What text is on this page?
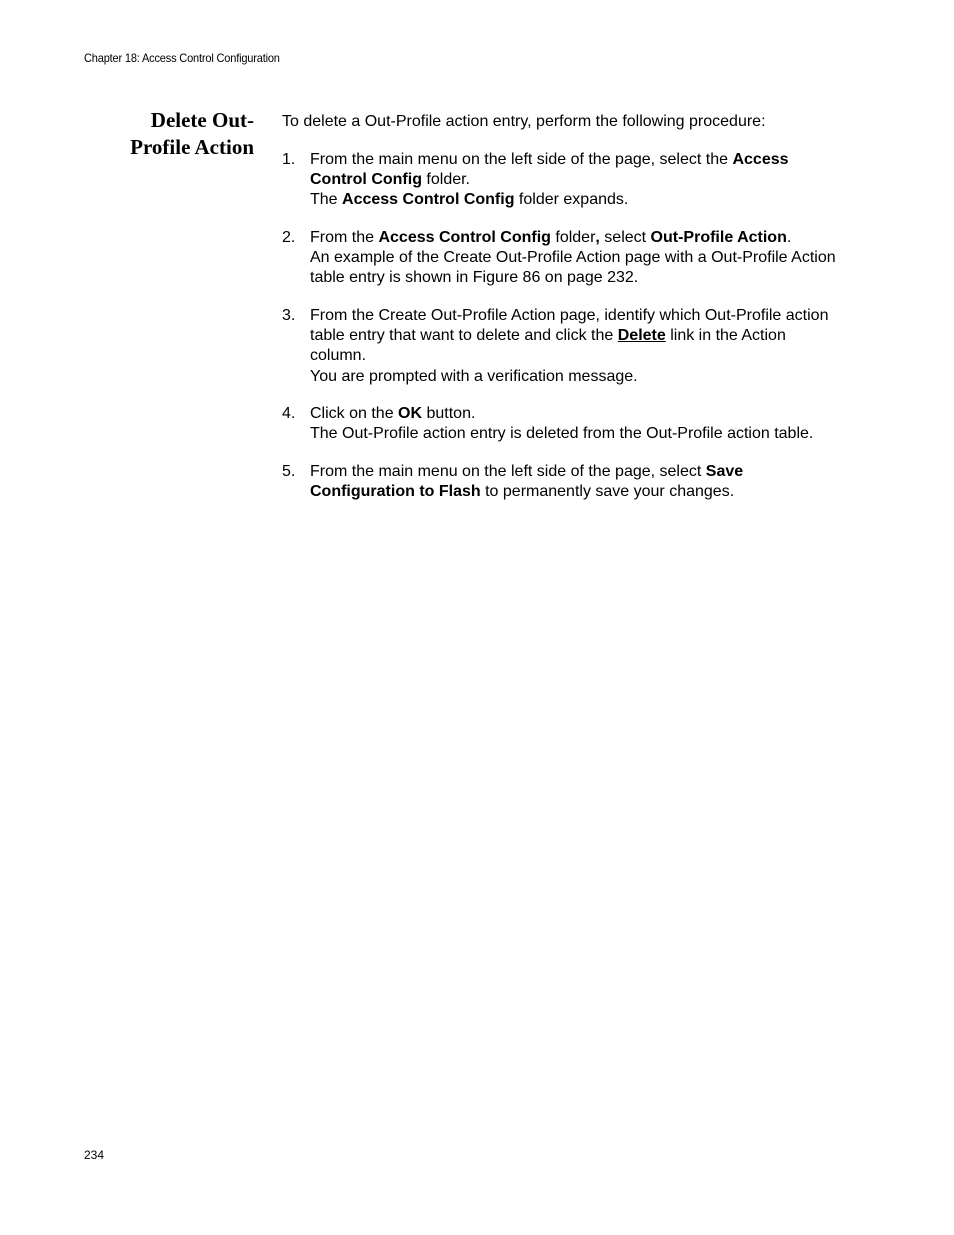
Chapter 18: Access Control Configuration
Delete Out-
Profile Action
To delete a Out-Profile action entry, perform the following procedure:
1. From the main menu on the left side of the page, select the Access Control Config folder.
The Access Control Config folder expands.
2. From the Access Control Config folder, select Out-Profile Action.
An example of the Create Out-Profile Action page with a Out-Profile Action table entry is shown in Figure 86 on page 232.
3. From the Create Out-Profile Action page, identify which Out-Profile action table entry that want to delete and click the Delete link in the Action column.
You are prompted with a verification message.
4. Click on the OK button.
The Out-Profile action entry is deleted from the Out-Profile action table.
5. From the main menu on the left side of the page, select Save Configuration to Flash to permanently save your changes.
234
